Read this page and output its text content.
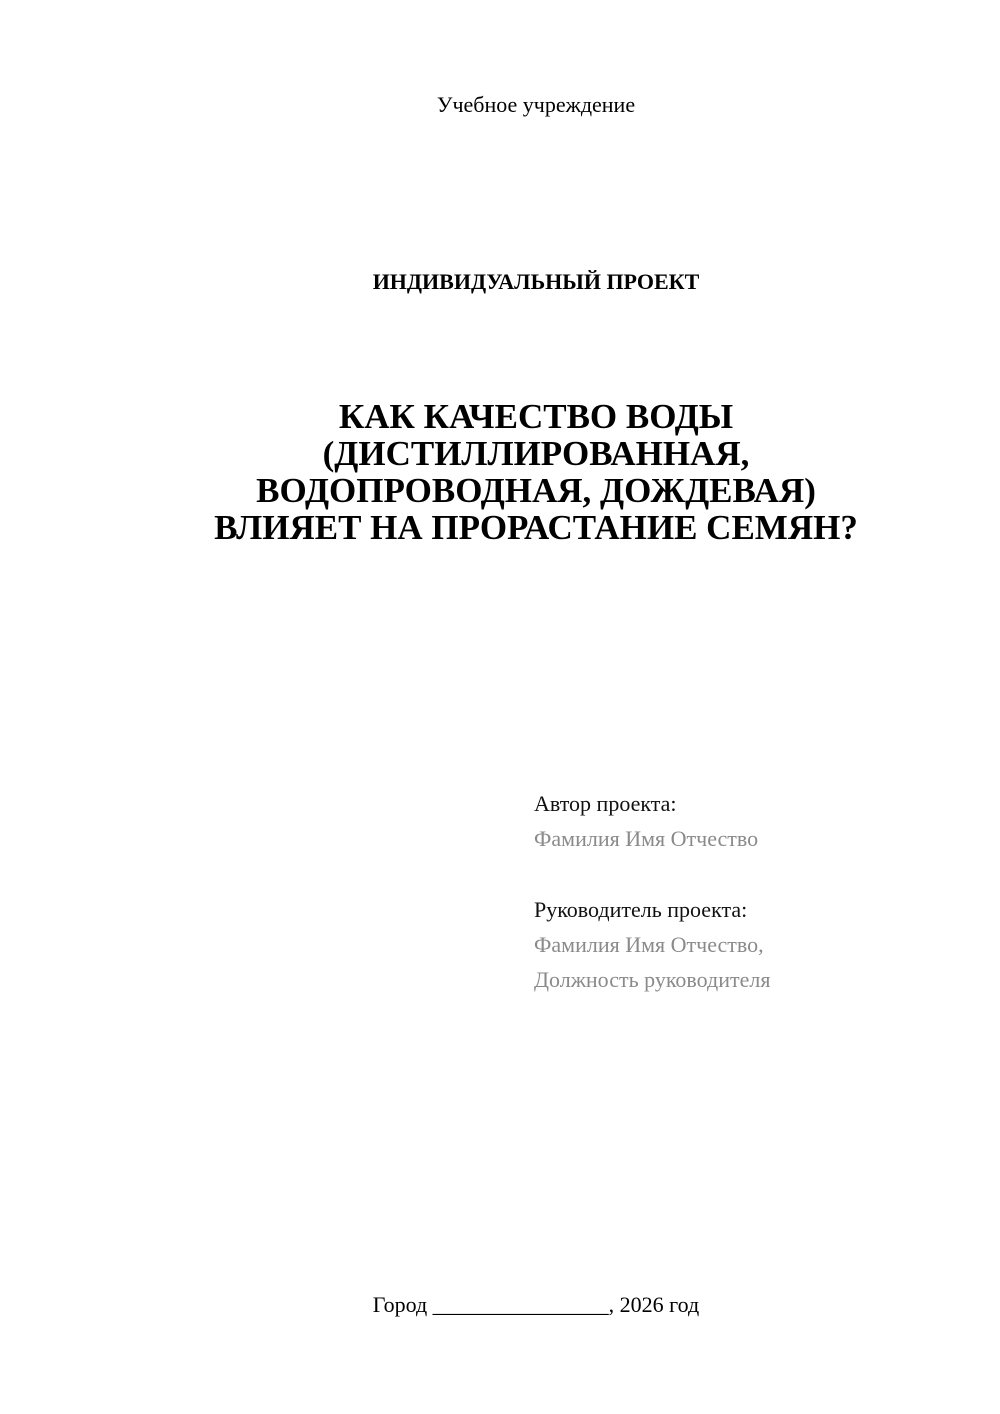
Учебное учреждение
ИНДИВИДУАЛЬНЫЙ ПРОЕКТ
КАК КАЧЕСТВО ВОДЫ
(ДИСТИЛЛИРОВАННАЯ,
ВОДОПРОВОДНАЯ, ДОЖДЕВАЯ)
ВЛИЯЕТ НА ПРОРАСТАНИЕ СЕМЯН?
Автор проекта:
Фамилия Имя Отчество
Руководитель проекта:
Фамилия Имя Отчество,
Должность руководителя
Город ________________, 2026 год
